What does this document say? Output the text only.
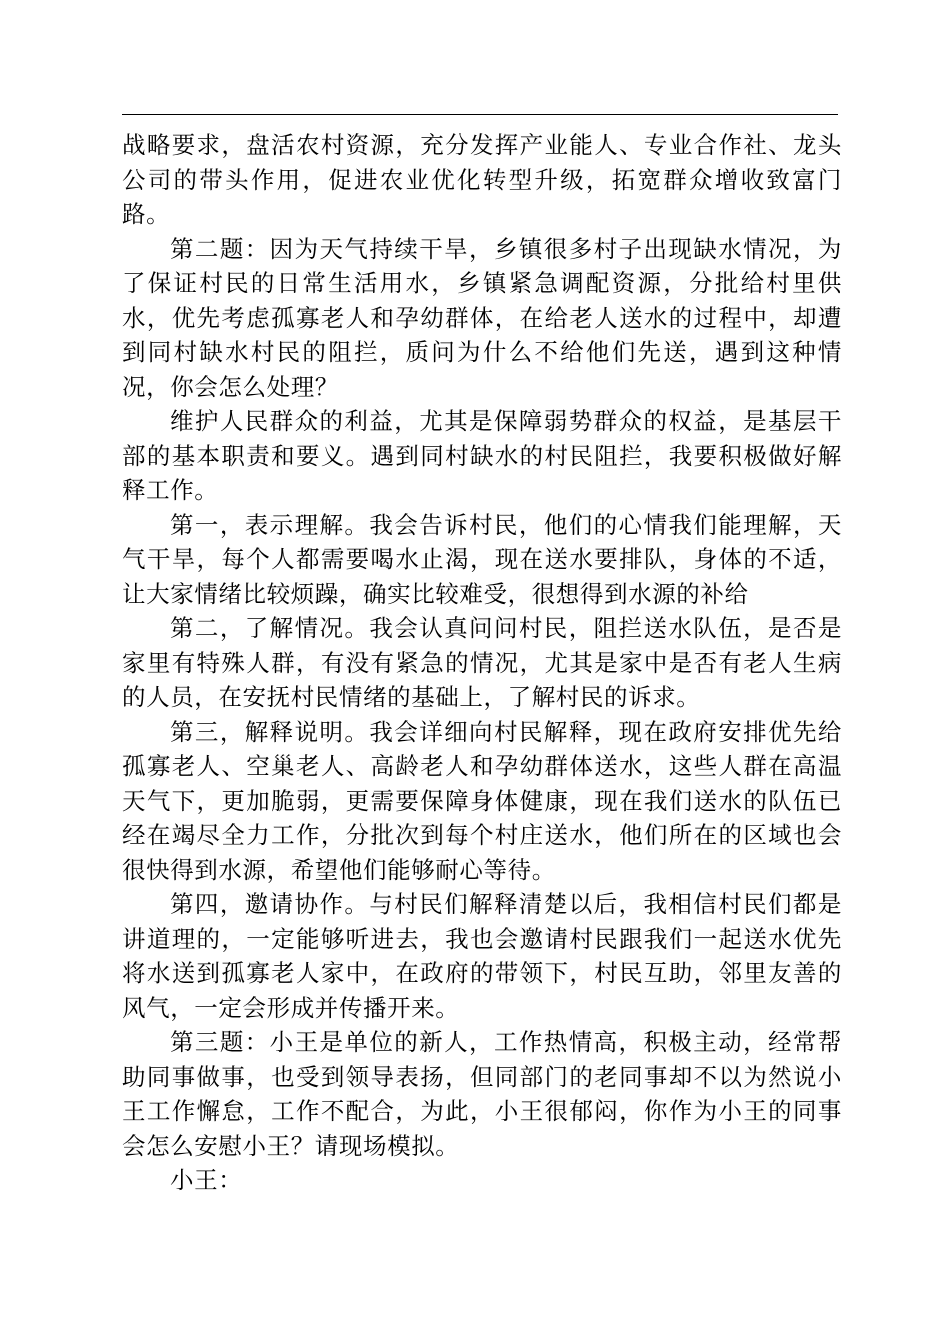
战略要求，盘活农村资源，充分发挥产业能人、专业合作社、龙头公司的带头作用，促进农业优化转型升级，拓宽群众增收致富门路。

第二题：因为天气持续干旱，乡镇很多村子出现缺水情况，为了保证村民的日常生活用水，乡镇紧急调配资源，分批给村里供水，优先考虑孤寡老人和孕幼群体，在给老人送水的过程中，却遭到同村缺水村民的阻拦，质问为什么不给他们先送，遇到这种情况，你会怎么处理？

维护人民群众的利益，尤其是保障弱势群众的权益，是基层干部的基本职责和要义。遇到同村缺水的村民阻拦，我要积极做好解释工作。

第一，表示理解。我会告诉村民，他们的心情我们能理解，天气干旱，每个人都需要喝水止渴，现在送水要排队，身体的不适，让大家情绪比较烦躁，确实比较难受，很想得到水源的补给

第二，了解情况。我会认真问问村民，阻拦送水队伍，是否是家里有特殊人群，有没有紧急的情况，尤其是家中是否有老人生病的人员，在安抚村民情绪的基础上，了解村民的诉求。

第三，解释说明。我会详细向村民解释，现在政府安排优先给孤寡老人、空巢老人、高龄老人和孕幼群体送水，这些人群在高温天气下，更加脆弱，更需要保障身体健康，现在我们送水的队伍已经在竭尽全力工作，分批次到每个村庄送水，他们所在的区域也会很快得到水源，希望他们能够耐心等待。

第四，邀请协作。与村民们解释清楚以后，我相信村民们都是讲道理的，一定能够听进去，我也会邀请村民跟我们一起送水优先将水送到孤寡老人家中，在政府的带领下，村民互助，邻里友善的风气，一定会形成并传播开来。

第三题：小王是单位的新人，工作热情高，积极主动，经常帮助同事做事，也受到领导表扬，但同部门的老同事却不以为然说小王工作懈怠，工作不配合，为此，小王很郁闷，你作为小王的同事会怎么安慰小王？请现场模拟。

小王：
